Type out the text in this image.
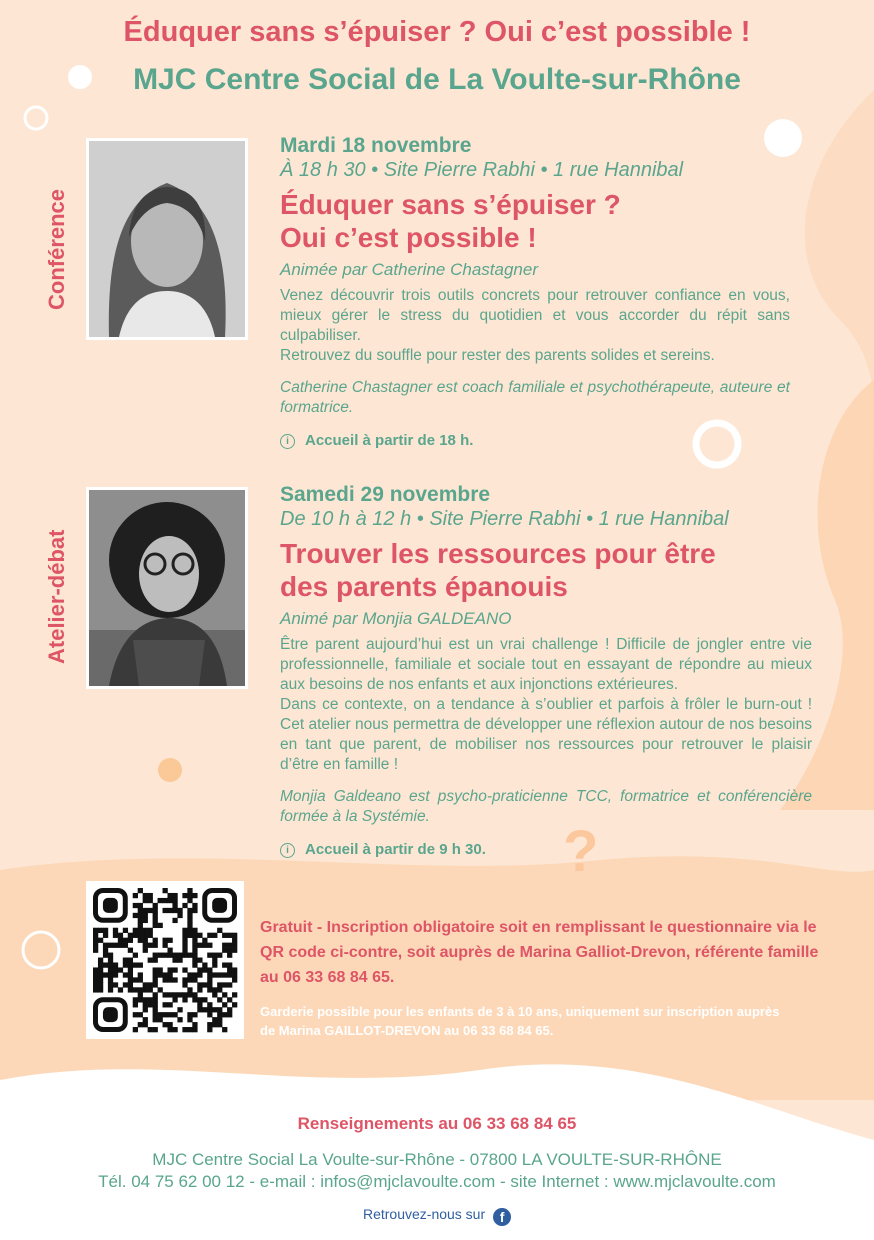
Éduquer sans s’épuiser ? Oui c’est possible !
MJC Centre Social de La Voulte-sur-Rhône
Conférence
Mardi 18 novembre
À 18 h 30 • Site Pierre Rabhi • 1 rue Hannibal
Éduquer sans s’épuiser ?
Oui c’est possible !
Animée par Catherine Chastagner
Venez découvrir trois outils concrets pour retrouver confiance en vous, mieux gérer le stress du quotidien et vous accorder du répit sans culpabiliser.
Retrouvez du souffle pour rester des parents solides et sereins.
Catherine Chastagner est coach familiale et psychothérapeute, auteure et formatrice.
i Accueil à partir de 18 h.
Atelier-débat
Samedi 29 novembre
De 10 h à 12 h • Site Pierre Rabhi • 1 rue Hannibal
Trouver les ressources pour être
des parents épanouis
Animé par Monjia GALDEANO
Être parent aujourd’hui est un vrai challenge ! Difficile de jongler entre vie professionnelle, familiale et sociale tout en essayant de répondre au mieux aux besoins de nos enfants et aux injonctions extérieures.
Dans ce contexte, on a tendance à s’oublier et parfois à frôler le burn-out ! Cet atelier nous permettra de développer une réflexion autour de nos besoins en tant que parent, de mobiliser nos ressources pour retrouver le plaisir d’être en famille !
Monjia Galdeano est psycho-praticienne TCC, formatrice et conférencière formée à la Systémie.
i Accueil à partir de 9 h 30.	?
Gratuit - Inscription obligatoire soit en remplissant le questionnaire via le QR code ci-contre, soit auprès de Marina Galliot-Drevon, référente famille au 06 33 68 84 65.
Garderie possible pour les enfants de 3 à 10 ans, uniquement sur inscription auprès de Marina GAILLOT-DREVON au 06 33 68 84 65.
Renseignements au 06 33 68 84 65
MJC Centre Social La Voulte-sur-Rhône - 07800 LA VOULTE-SUR-RHÔNE
Tél. 04 75 62 00 12 - e-mail : infos@mjclavoulte.com - site Internet : www.mjclavoulte.com
Retrouvez-nous sur f
